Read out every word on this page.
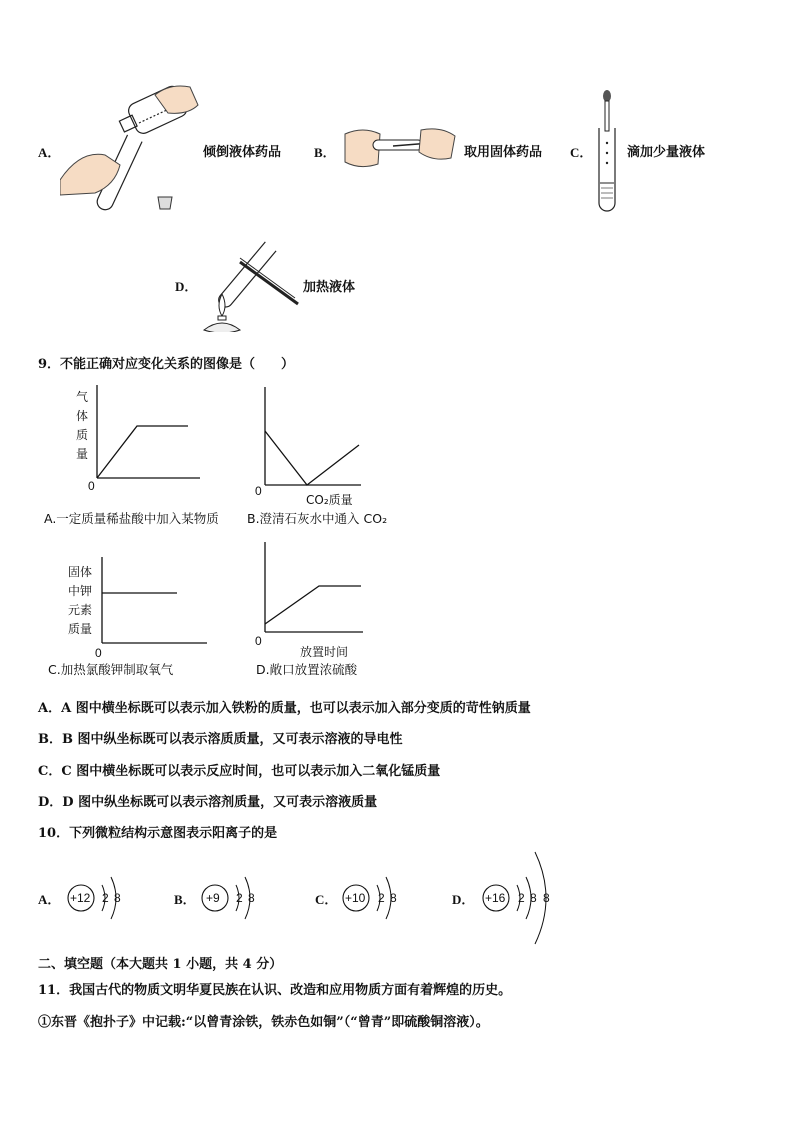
A．	倾倒液体药品	B．	取用固体药品 C．	滴加少量液体
D．	加热液体
9．不能正确对应变化关系的图像是（　　）
气
体
质
量
0
A.一定质量稀盐酸中加入某物质
0
CO₂质量
B.澄清石灰水中通入 CO₂
固体
中钾
元素
质量
0
C.加热氯酸钾制取氧气
0
放置时间
D.敞口放置浓硫酸
A．A 图中横坐标既可以表示加入铁粉的质量，也可以表示加入部分变质的苛性钠质量
B．B 图中纵坐标既可以表示溶质质量，又可表示溶液的导电性
C．C 图中横坐标既可以表示反应时间，也可以表示加入二氧化锰质量
D．D 图中纵坐标既可以表示溶剂质量，又可表示溶液质量
10．下列微粒结构示意图表示阳离子的是
A． +12 2 8	B． +9 2 8	C． +10 2 8	D． +16 2 8 8
二、填空题（本大题共 1 小题，共 4 分）
11．我国古代的物质文明华夏民族在认识、改造和应用物质方面有着辉煌的历史。
①东晋《抱扑子》中记载:“以曾青涂铁，铁赤色如铜”（“曾青”即硫酸铜溶液）。
